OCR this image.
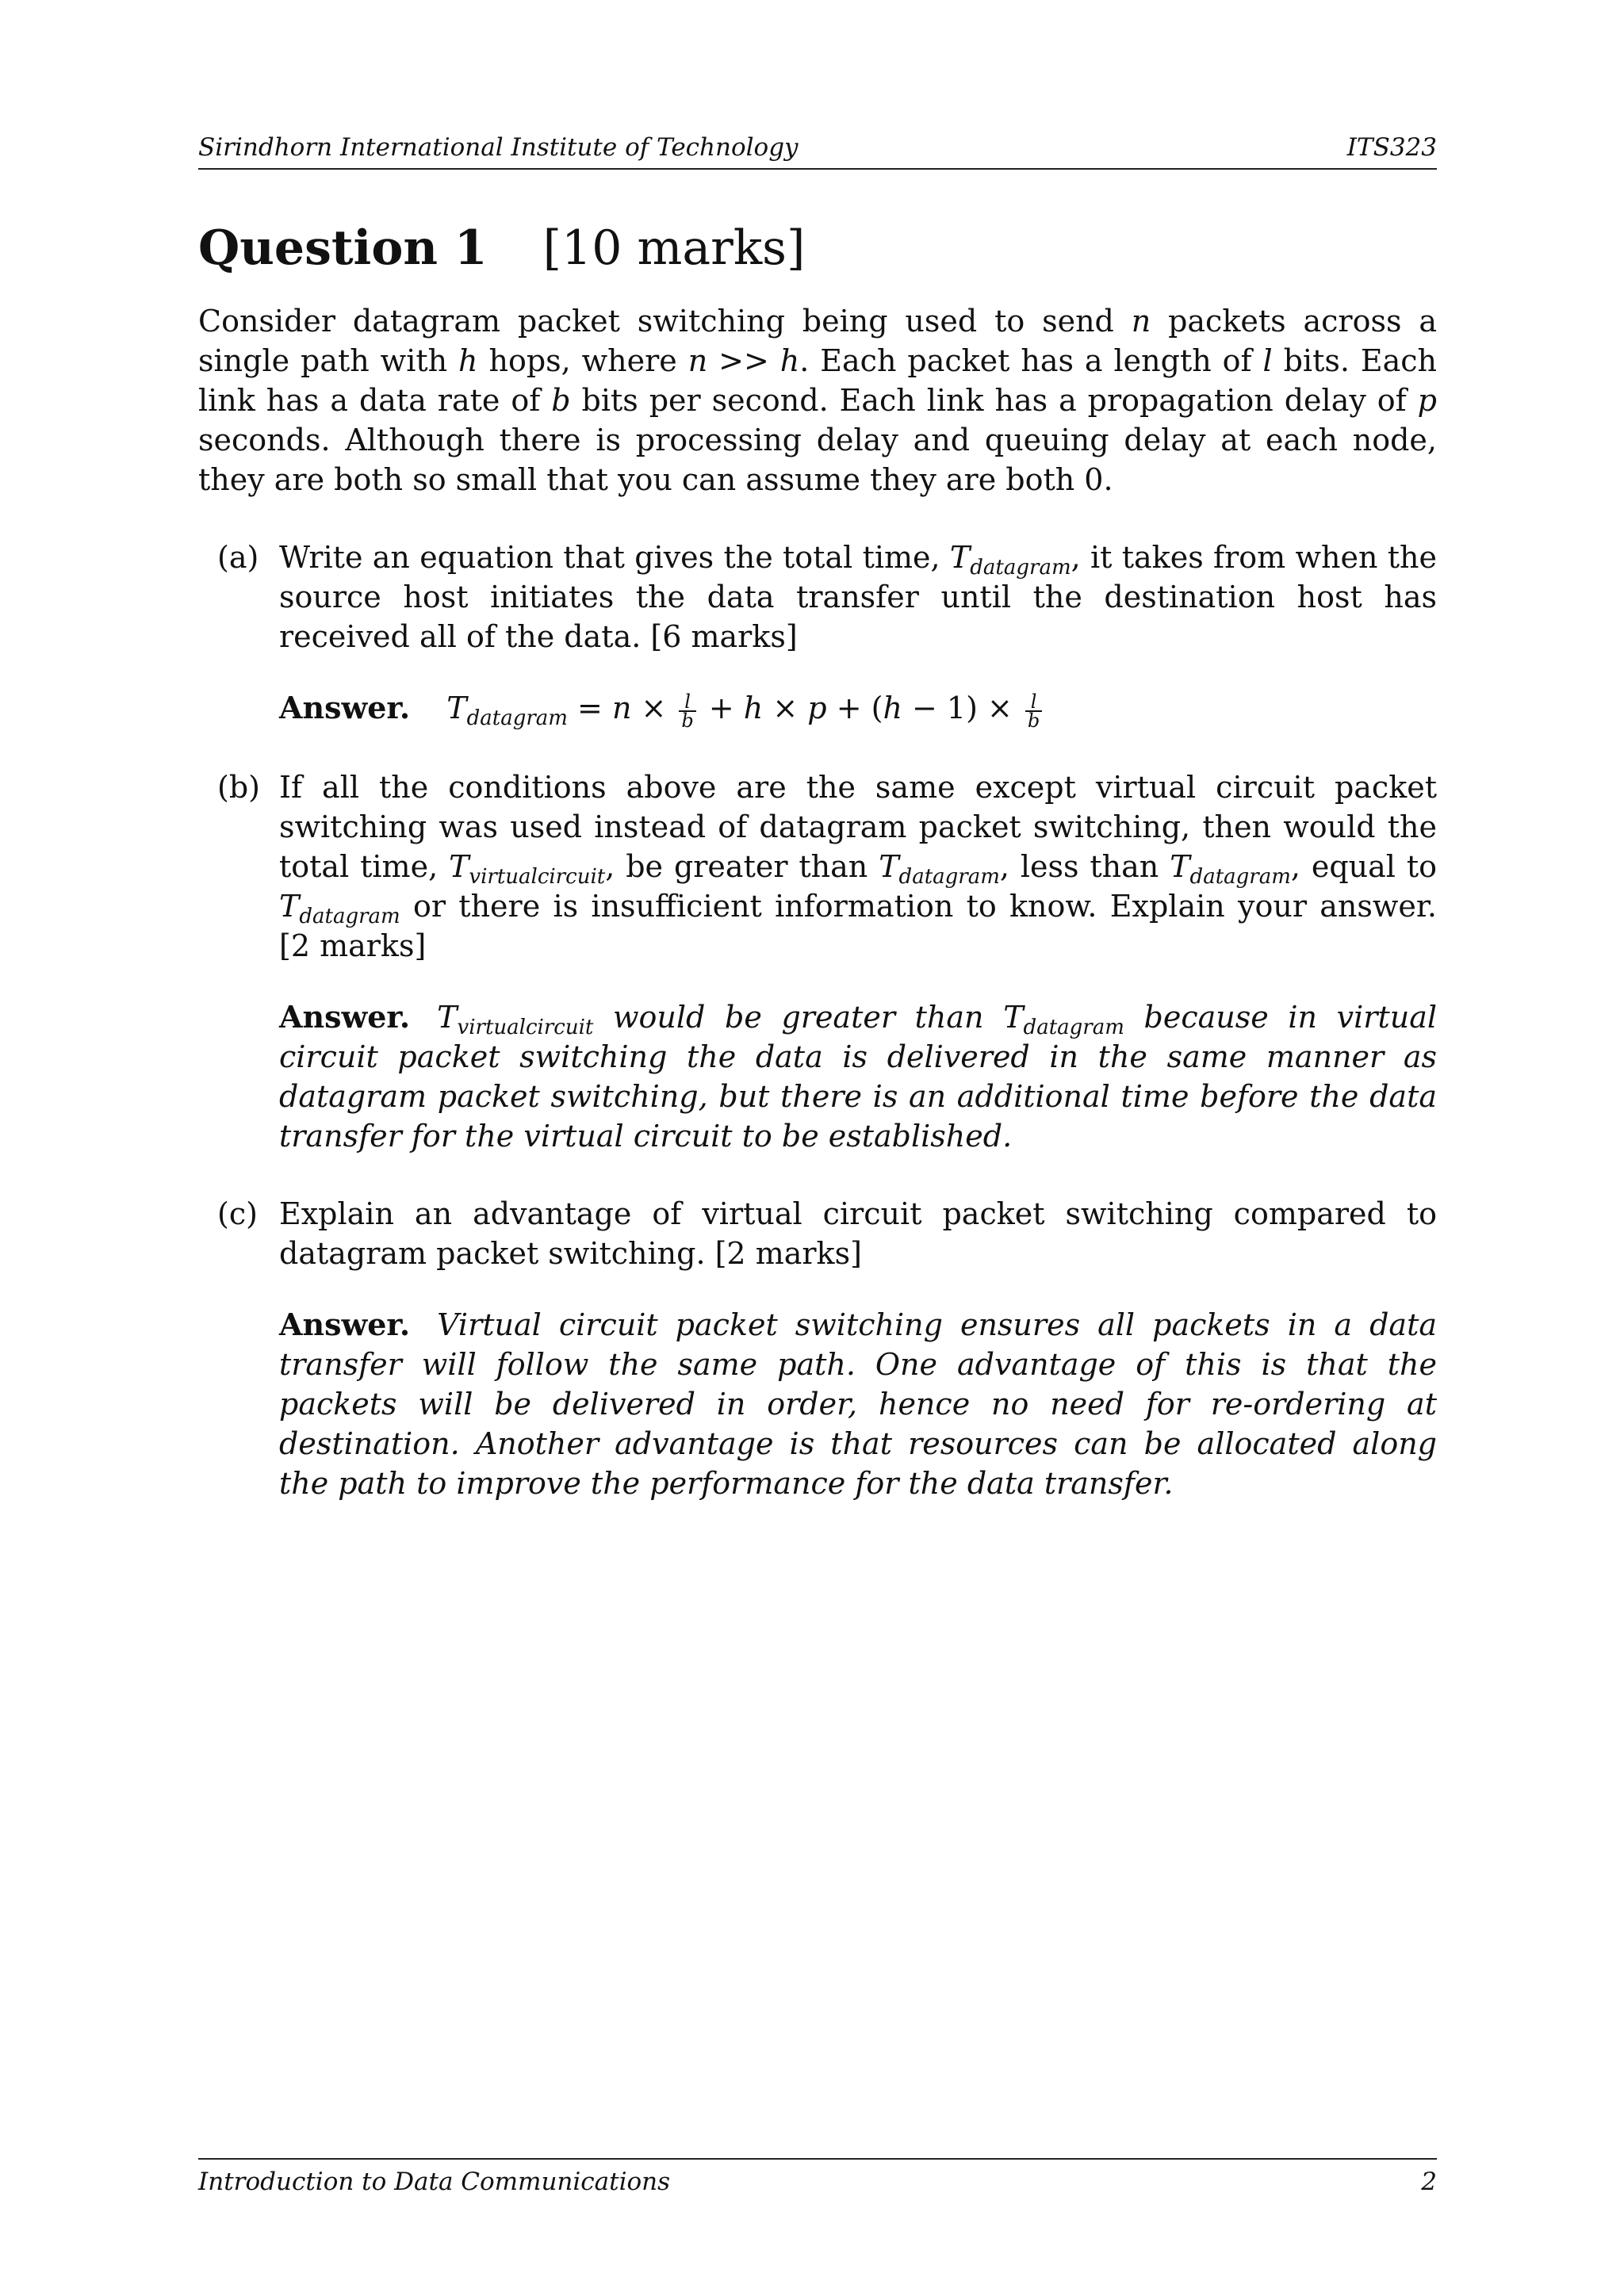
Sirindhorn International Institute of Technology	ITS323
Question 1 [10 marks]

Consider datagram packet switching being used to send n packets across a single path with h hops, where n >> h. Each packet has a length of l bits. Each link has a data rate of b bits per second. Each link has a propagation delay of p seconds. Although there is processing delay and queuing delay at each node, they are both so small that you can assume they are both 0.

(a) Write an equation that gives the total time, $T_{datagram}$, it takes from when the source host initiates the data transfer until the destination host has received all of the data. [6 marks]

Answer. $T_{datagram} = n \times \frac{l}{b} + h \times p + (h - 1) \times \frac{l}{b}$
(b) If all the conditions above are the same except virtual circuit packet switching was used instead of datagram packet switching, then would the total time, $T_{virtualcircuit}$, be greater than $T_{datagram}$, less than $T_{datagram}$, equal to $T_{datagram}$ or there is insufficient information to know. Explain your answer. [2 marks]

Answer. $T_{virtualcircuit}$ would be greater than $T_{datagram}$ because in virtual circuit packet switching the data is delivered in the same manner as datagram packet switching, but there is an additional time before the data transfer for the virtual circuit to be established.
(c) Explain an advantage of virtual circuit packet switching compared to datagram packet switching. [2 marks]

Answer. Virtual circuit packet switching ensures all packets in a data transfer will follow the same path. One advantage of this is that the packets will be delivered in order, hence no need for re-ordering at destination. Another advantage is that resources can be allocated along the path to improve the performance for the data transfer.
Introduction to Data Communications	2
